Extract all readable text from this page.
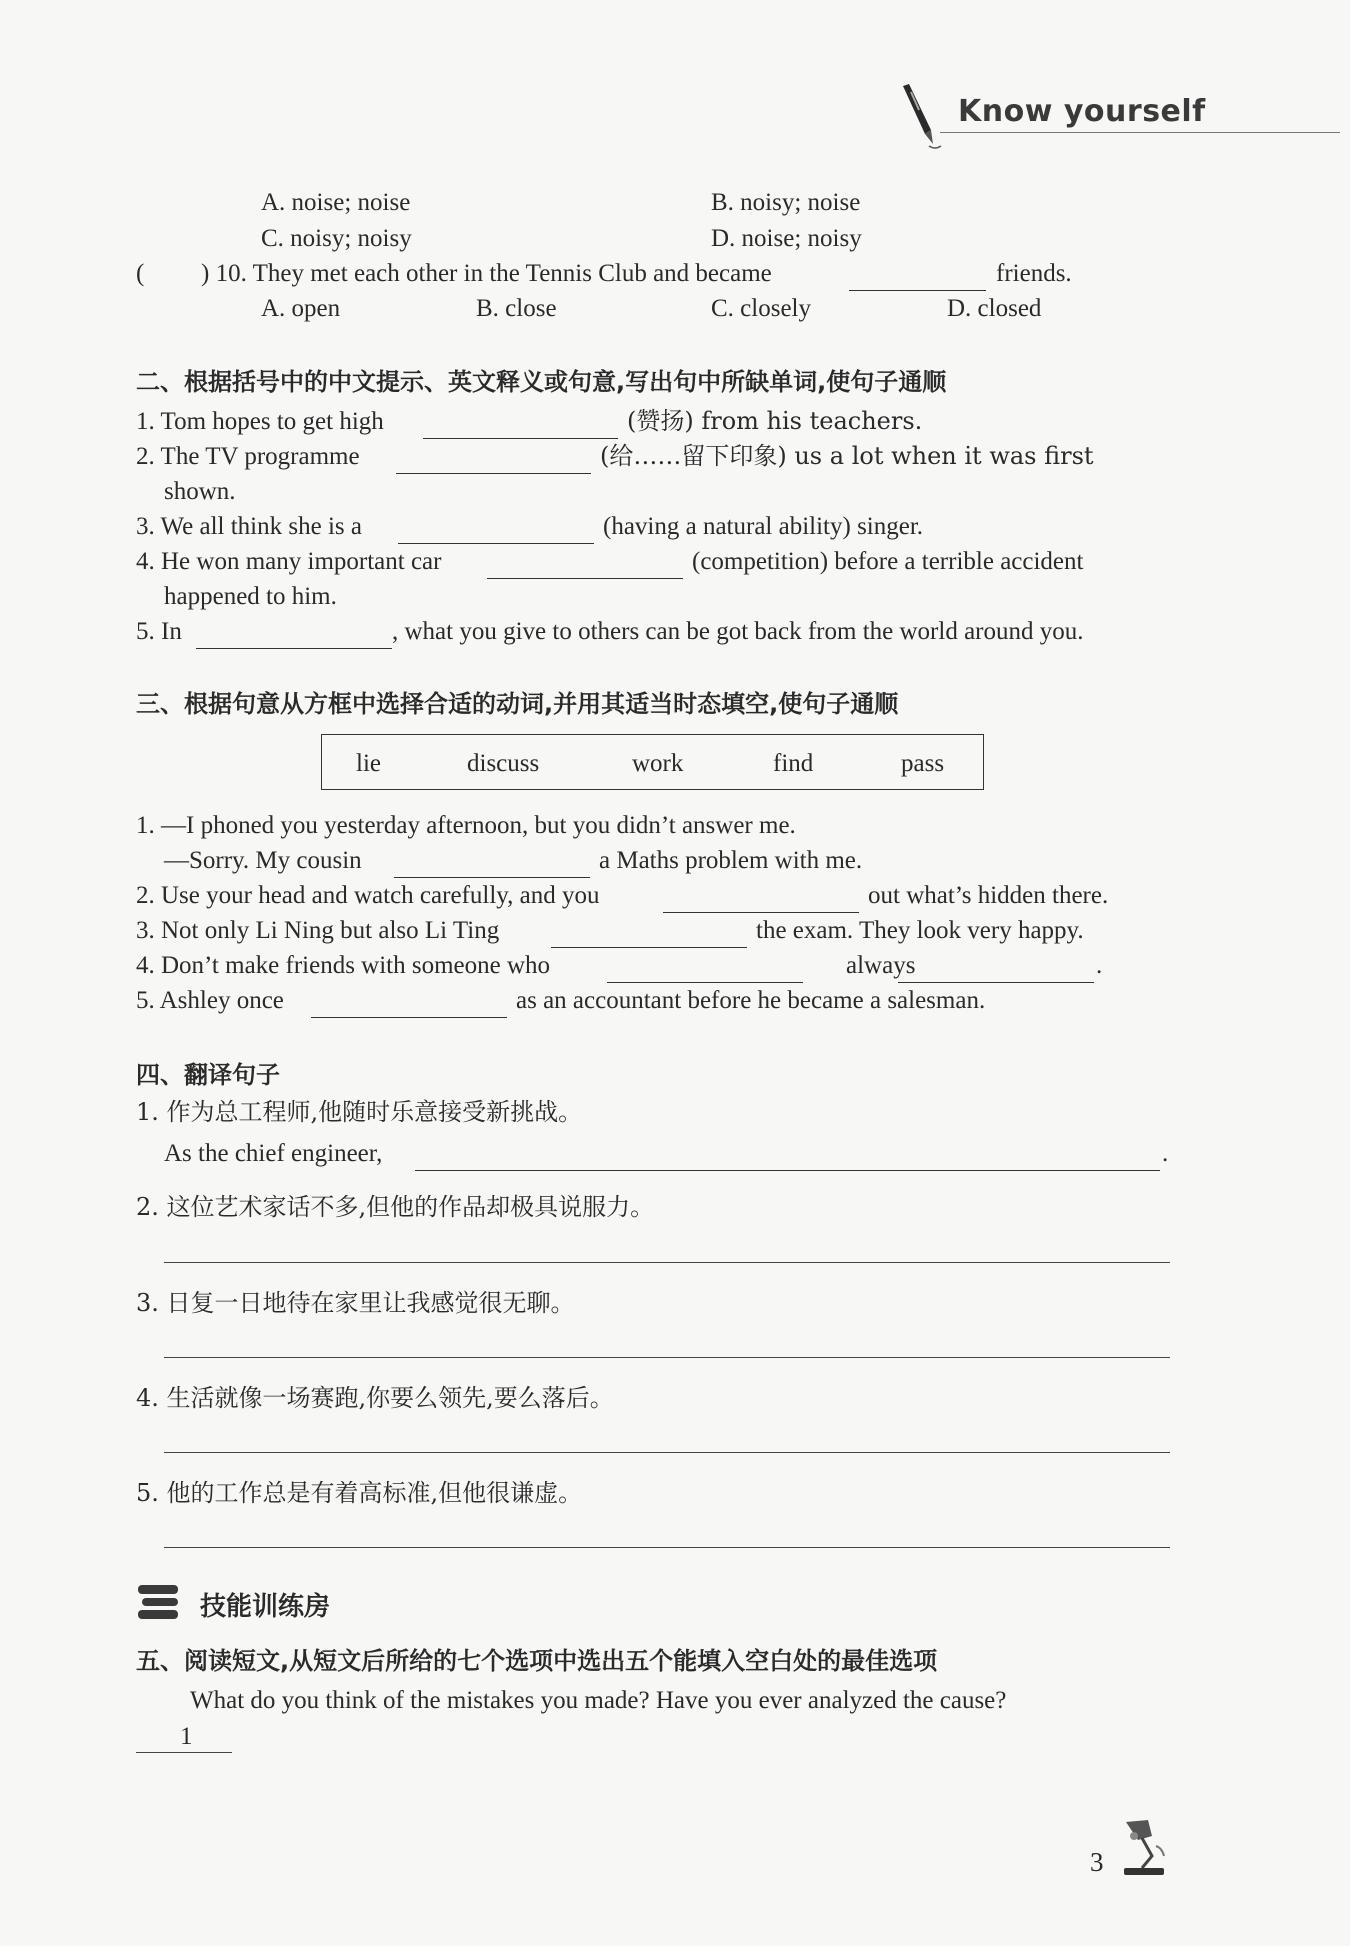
Know yourself
A. noise; noise	B. noisy; noise
C. noisy; noisy	D. noise; noisy
( ) 10. They met each other in the Tennis Club and became	friends.
A. open	B. close	C. closely	D. closed
二、根据括号中的中文提示、英文释义或句意,写出句中所缺单词,使句子通顺
1. Tom hopes to get high	(赞扬) from his teachers.
2. The TV programme	(给……留下印象) us a lot when it was first
shown.
3. We all think she is a	(having a natural ability) singer.
4. He won many important car	(competition) before a terrible accident
happened to him.
5. In	, what you give to others can be got back from the world around you.
三、根据句意从方框中选择合适的动词,并用其适当时态填空,使句子通顺
lie	discuss	work	find	pass
1. —I phoned you yesterday afternoon, but you didn’t answer me.
—Sorry. My cousin	a Maths problem with me.
2. Use your head and watch carefully, and you	out what’s hidden there.
3. Not only Li Ning but also Li Ting	the exam. They look very happy.
4. Don’t make friends with someone who	always	.
5. Ashley once	as an accountant before he became a salesman.
四、翻译句子
1. 作为总工程师,他随时乐意接受新挑战。
As the chief engineer,	.
2. 这位艺术家话不多,但他的作品却极具说服力。
3. 日复一日地待在家里让我感觉很无聊。
4. 生活就像一场赛跑,你要么领先,要么落后。
5. 他的工作总是有着高标准,但他很谦虚。
技能训练房
五、阅读短文,从短文后所给的七个选项中选出五个能填入空白处的最佳选项
What do you think of the mistakes you made? Have you ever analyzed the cause?
1
3
